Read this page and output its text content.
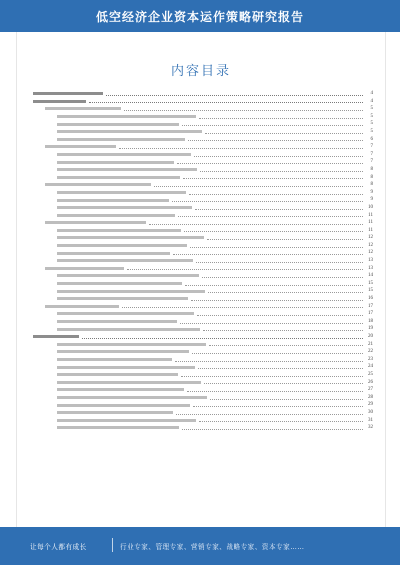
低空经济企业资本运作策略研究报告
内容目录
4
4
5
5
5
5
6
7
7
7
8
8
8
9
9
10
11
11
11
12
12
12
13
13
14
15
15
16
17
17
18
19
20
21
22
23
24
25
26
27
28
29
30
31
32
让每个人都有成长	行业专家、管理专家、营销专家、战略专家、资本专家……
